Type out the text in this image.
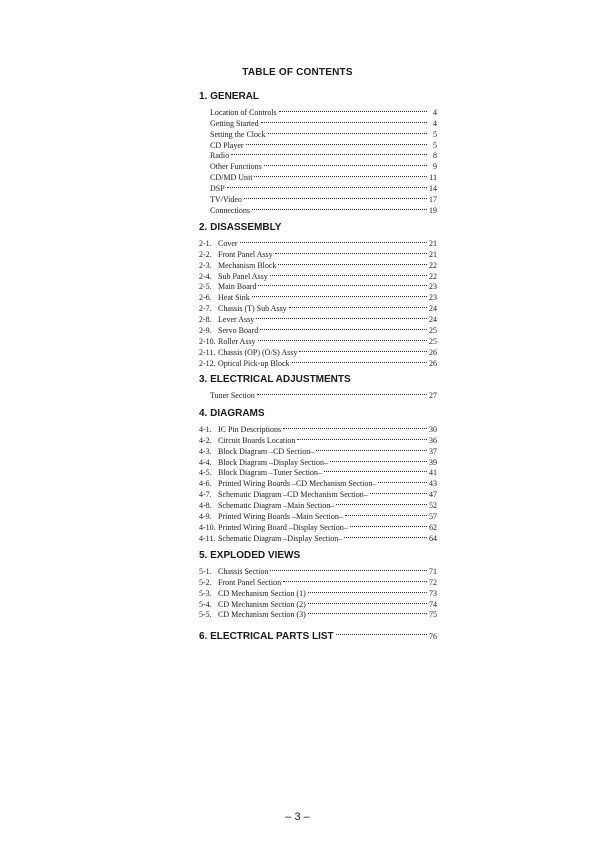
TABLE OF CONTENTS
1. GENERAL
Location of Controls	4
Getting Started	4
Setting the Clock	5
CD Player	5
Radio	8
Other Functions	9
CD/MD Unit	11
DSP	14
TV/Video	17
Connections	19
2. DISASSEMBLY
2-1. Cover	21
2-2. Front Panel Assy	21
2-3. Mechanism Block	22
2-4. Sub Panel Assy	22
2-5. Main Board	23
2-6. Heat Sink	23
2-7. Chassis (T) Sub Assy	24
2-8. Lever Assy	24
2-9. Servo Board	25
2-10. Roller Assy	25
2-11. Chassis (OP) (O/S) Assy	26
2-12. Optical Pick-up Block	26
3. ELECTRICAL ADJUSTMENTS
Tuner Section	27
4. DIAGRAMS
4-1. IC Pin Descriptions	30
4-2. Circuit Boards Location	36
4-3. Block Diagram –CD Section–	37
4-4. Block Diagram –Display Section–	39
4-5. Block Diagram –Tuner Section–	41
4-6. Printed Wiring Boards –CD Mechanism Section–	43
4-7. Schematic Diagram –CD Mechanism Section–	47
4-8. Schematic Diagram –Main Section–	52
4-9. Printed Wiring Boards –Main Section–	57
4-10. Printed Wiring Board –Display Section–	62
4-11. Schematic Diagram –Display Section–	64
5. EXPLODED VIEWS
5-1. Chassis Section	71
5-2. Front Panel Section	72
5-3. CD Mechanism Section (1)	73
5-4. CD Mechanism Section (2)	74
5-5. CD Mechanism Section (3)	75
6. ELECTRICAL PARTS LIST	76
– 3 –
